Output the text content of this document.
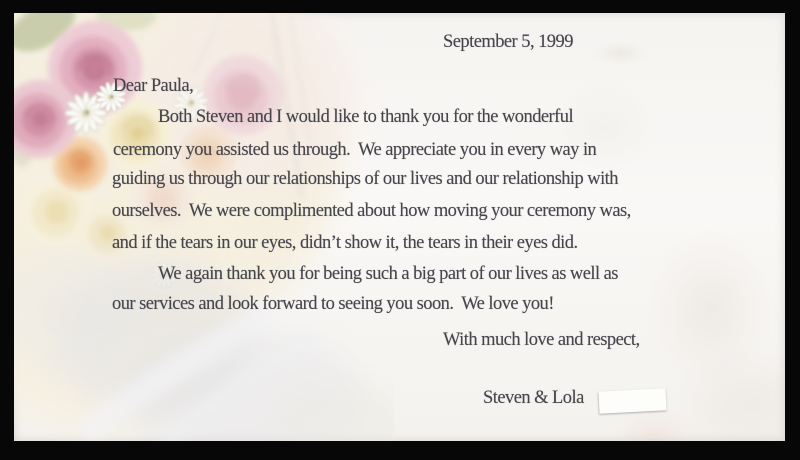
September 5, 1999
Dear Paula,
Both Steven and I would like to thank you for the wonderful
ceremony you assisted us through.  We appreciate you in every way in
guiding us through our relationships of our lives and our relationship with
ourselves.  We were complimented about how moving your ceremony was,
and if the tears in our eyes, didn’t show it, the tears in their eyes did.
We again thank you for being such a big part of our lives as well as
our services and look forward to seeing you soon.  We love you!
With much love and respect,
Steven & Lola
